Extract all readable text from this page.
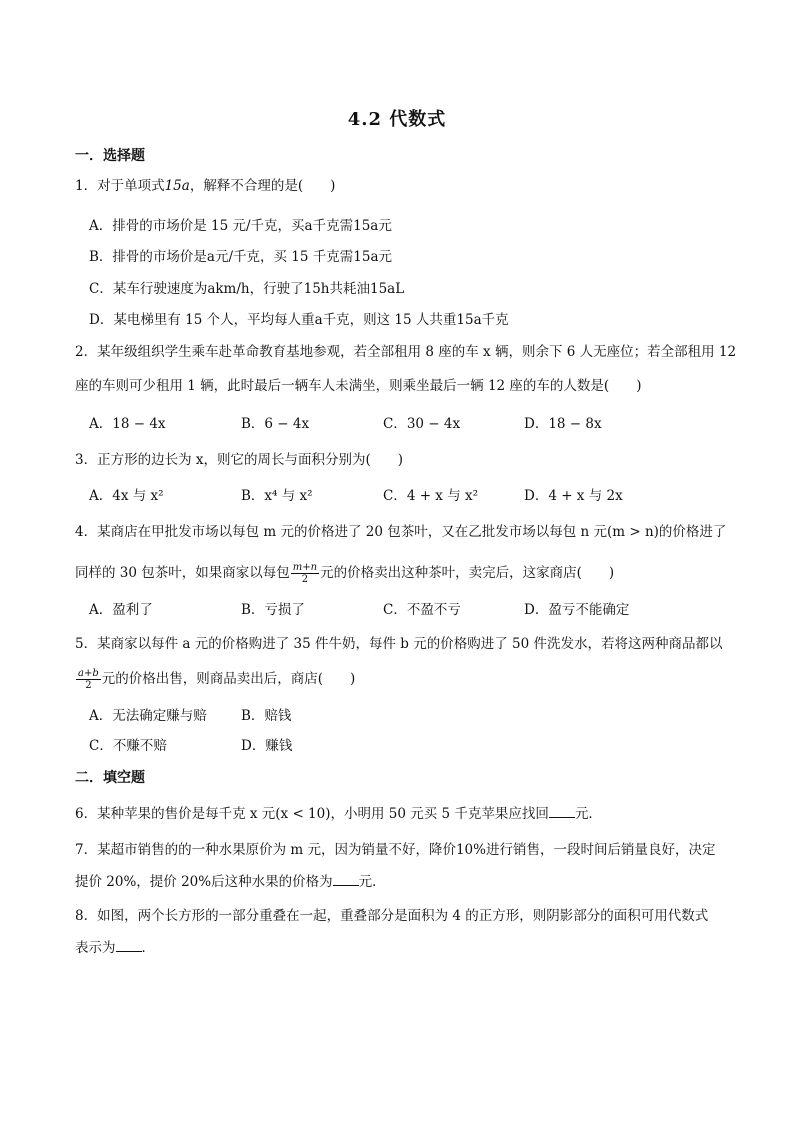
4.2 代数式
一．选择题
1．对于单项式15a，解释不合理的是(　　)
A．排骨的市场价是 15 元/千克，买a千克需15a元
B．排骨的市场价是a元/千克，买 15 千克需15a元
C．某车行驶速度为akm/h，行驶了15h共耗油15aL
D．某电梯里有 15 个人，平均每人重a千克，则这 15 人共重15a千克
2．某年级组织学生乘车赴革命教育基地参观，若全部租用 8 座的车 x 辆，则余下 6 人无座位；若全部租用 12
座的车则可少租用 1 辆，此时最后一辆车人未满坐，则乘坐最后一辆 12 座的车的人数是(　　)
A．18 − 4x	B．6 − 4x	C．30 − 4x	D．18 − 8x
3．正方形的边长为 x，则它的周长与面积分别为(　　)
A．4x 与 x²	B．x⁴ 与 x²	C．4 + x 与 x²	D．4 + x 与 2x
4．某商店在甲批发市场以每包 m 元的价格进了 20 包茶叶，又在乙批发市场以每包 n 元(m > n)的价格进了
同样的 30 包茶叶，如果商家以每包 $\frac{m+n}{2}$ 元的价格卖出这种茶叶，卖完后，这家商店(　　)
A．盈利了	B．亏损了	C．不盈不亏	D．盈亏不能确定
5．某商家以每件 a 元的价格购进了 35 件牛奶，每件 b 元的价格购进了 50 件洗发水，若将这两种商品都以
$\frac{a+b}{2}$ 元的价格出售，则商品卖出后，商店(　　)
A．无法确定赚与赔	B．赔钱
C．不赚不赔	D．赚钱
二．填空题
6．某种苹果的售价是每千克 x 元(x < 10)，小明用 50 元买 5 千克苹果应找回 元．
7．某超市销售的的一种水果原价为 m 元，因为销量不好，降价10%进行销售，一段时间后销量良好，决定
提价 20%，提价 20%后这种水果的价格为 元．
8．如图，两个长方形的一部分重叠在一起，重叠部分是面积为 4 的正方形，则阴影部分的面积可用代数式
表示为 ．
